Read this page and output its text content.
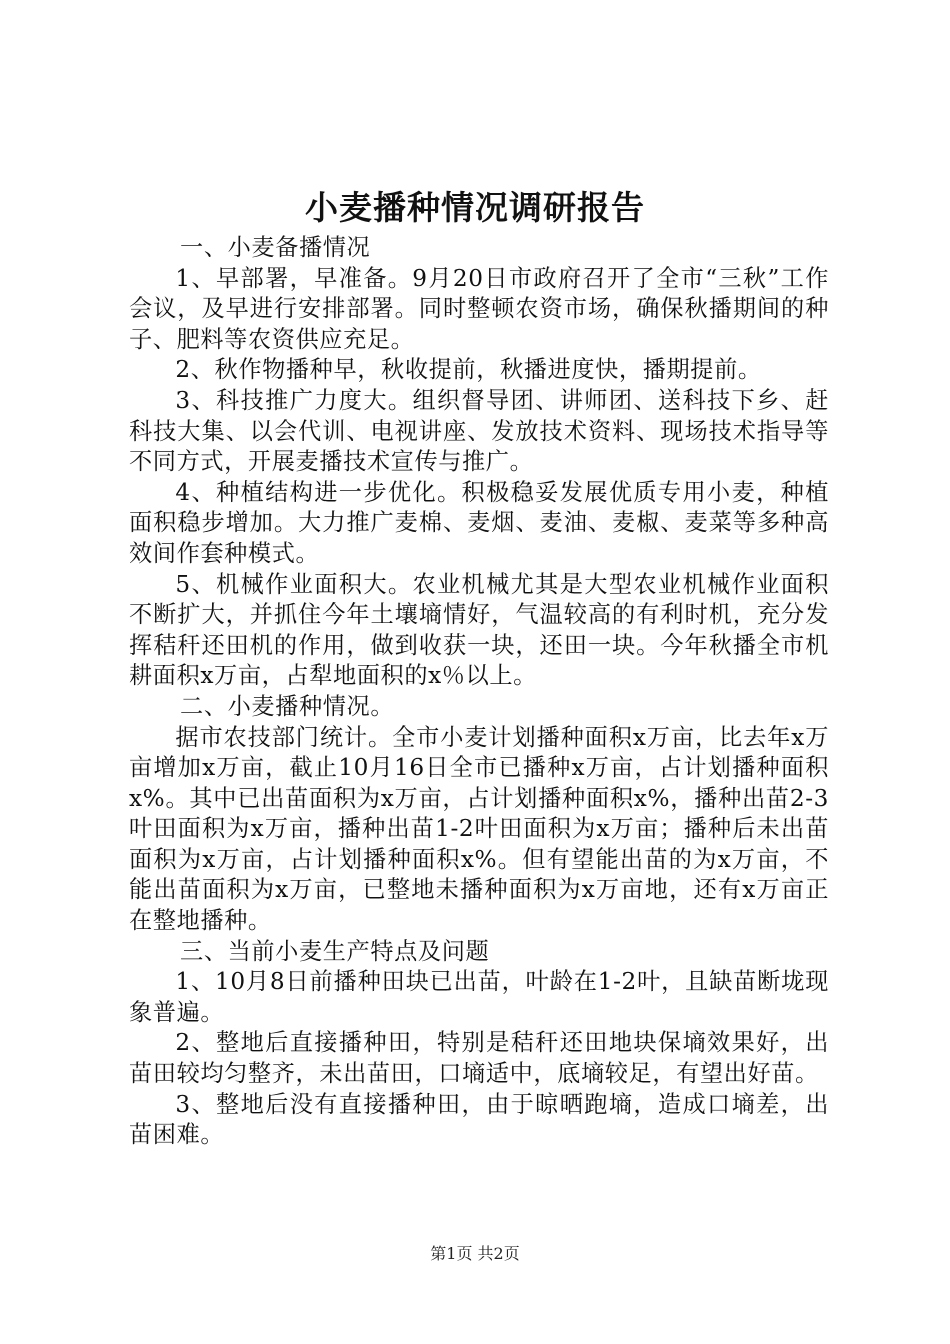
小麦播种情况调研报告

一、小麦备播情况

1、早部署，早准备。9月20日市政府召开了全市“三秋”工作会议，及早进行安排部署。同时整顿农资市场，确保秋播期间的种子、肥料等农资供应充足。

2、秋作物播种早，秋收提前，秋播进度快，播期提前。

3、科技推广力度大。组织督导团、讲师团、送科技下乡、赶科技大集、以会代训、电视讲座、发放技术资料、现场技术指导等不同方式，开展麦播技术宣传与推广。

4、种植结构进一步优化。积极稳妥发展优质专用小麦，种植面积稳步增加。大力推广麦棉、麦烟、麦油、麦椒、麦菜等多种高效间作套种模式。

5、机械作业面积大。农业机械尤其是大型农业机械作业面积不断扩大，并抓住今年土壤墒情好，气温较高的有利时机，充分发挥秸秆还田机的作用，做到收获一块，还田一块。今年秋播全市机耕面积x万亩，占犁地面积的x％以上。

二、小麦播种情况。

据市农技部门统计。全市小麦计划播种面积x万亩，比去年x万亩增加x万亩，截止10月16日全市已播种x万亩，占计划播种面积x%。其中已出苗面积为x万亩，占计划播种面积x%，播种出苗2-3叶田面积为x万亩，播种出苗1-2叶田面积为x万亩；播种后未出苗面积为x万亩，占计划播种面积x%。但有望能出苗的为x万亩，不能出苗面积为x万亩，已整地未播种面积为x万亩地，还有x万亩正在整地播种。

三、当前小麦生产特点及问题

1、10月8日前播种田块已出苗，叶龄在1-2叶，且缺苗断垅现象普遍。

2、整地后直接播种田，特别是秸秆还田地块保墒效果好，出苗田较均匀整齐，未出苗田，口墒适中，底墒较足，有望出好苗。

3、整地后没有直接播种田，由于晾晒跑墒，造成口墒差，出苗困难。

第1页 共2页
